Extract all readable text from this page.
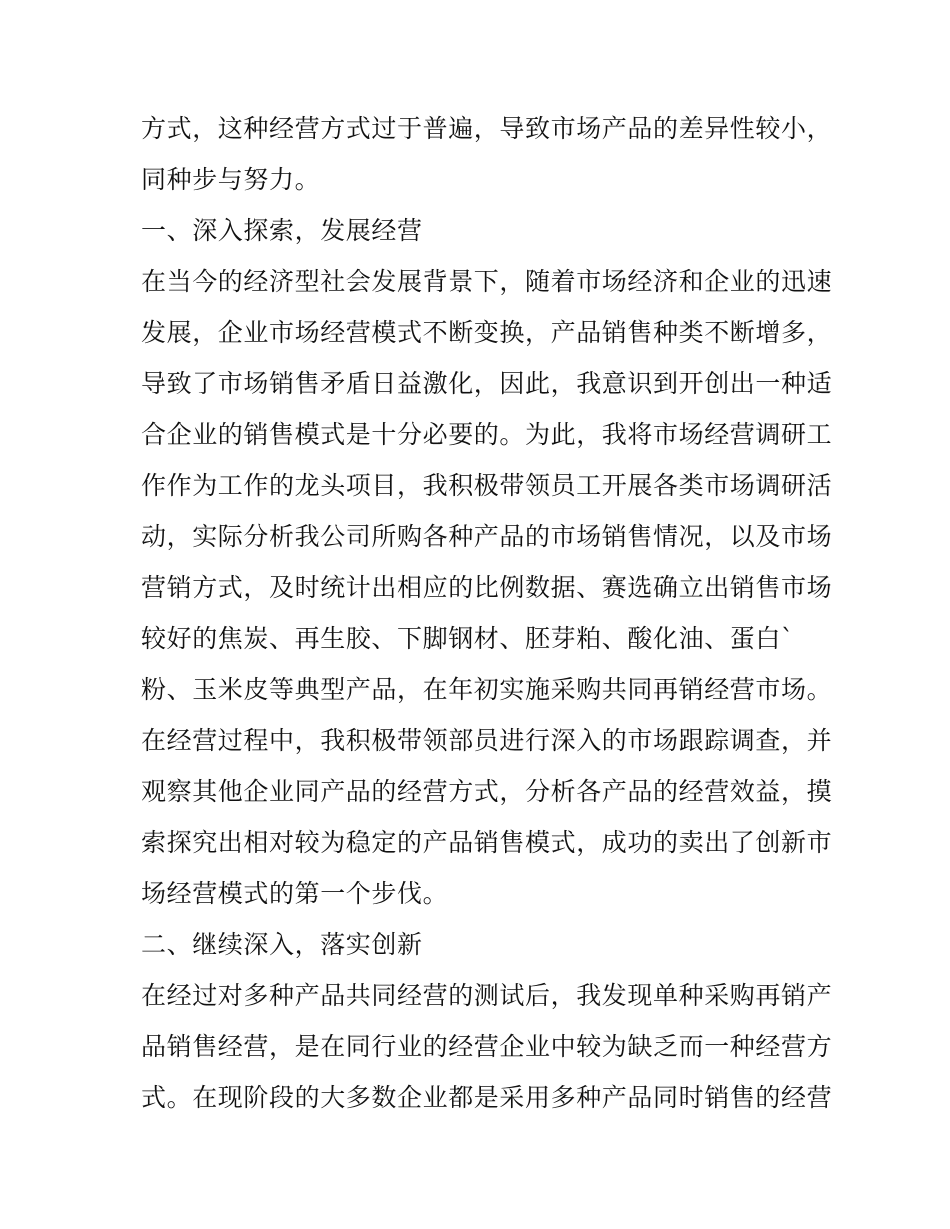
方式，这种经营方式过于普遍，导致市场产品的差异性较小，
同种步与努力。
一、深入探索，发展经营
在当今的经济型社会发展背景下，随着市场经济和企业的迅速
发展，企业市场经营模式不断变换，产品销售种类不断增多，
导致了市场销售矛盾日益激化，因此，我意识到开创出一种适
合企业的销售模式是十分必要的。为此，我将市场经营调研工
作作为工作的龙头项目，我积极带领员工开展各类市场调研活
动，实际分析我公司所购各种产品的市场销售情况，以及市场
营销方式，及时统计出相应的比例数据、赛选确立出销售市场
较好的焦炭、再生胶、下脚钢材、胚芽粕、酸化油、蛋白`
粉、玉米皮等典型产品，在年初实施采购共同再销经营市场。
在经营过程中，我积极带领部员进行深入的市场跟踪调查，并
观察其他企业同产品的经营方式，分析各产品的经营效益，摸
索探究出相对较为稳定的产品销售模式，成功的卖出了创新市
场经营模式的第一个步伐。
二、继续深入，落实创新
在经过对多种产品共同经营的测试后，我发现单种采购再销产
品销售经营，是在同行业的经营企业中较为缺乏而一种经营方
式。在现阶段的大多数企业都是采用多种产品同时销售的经营
